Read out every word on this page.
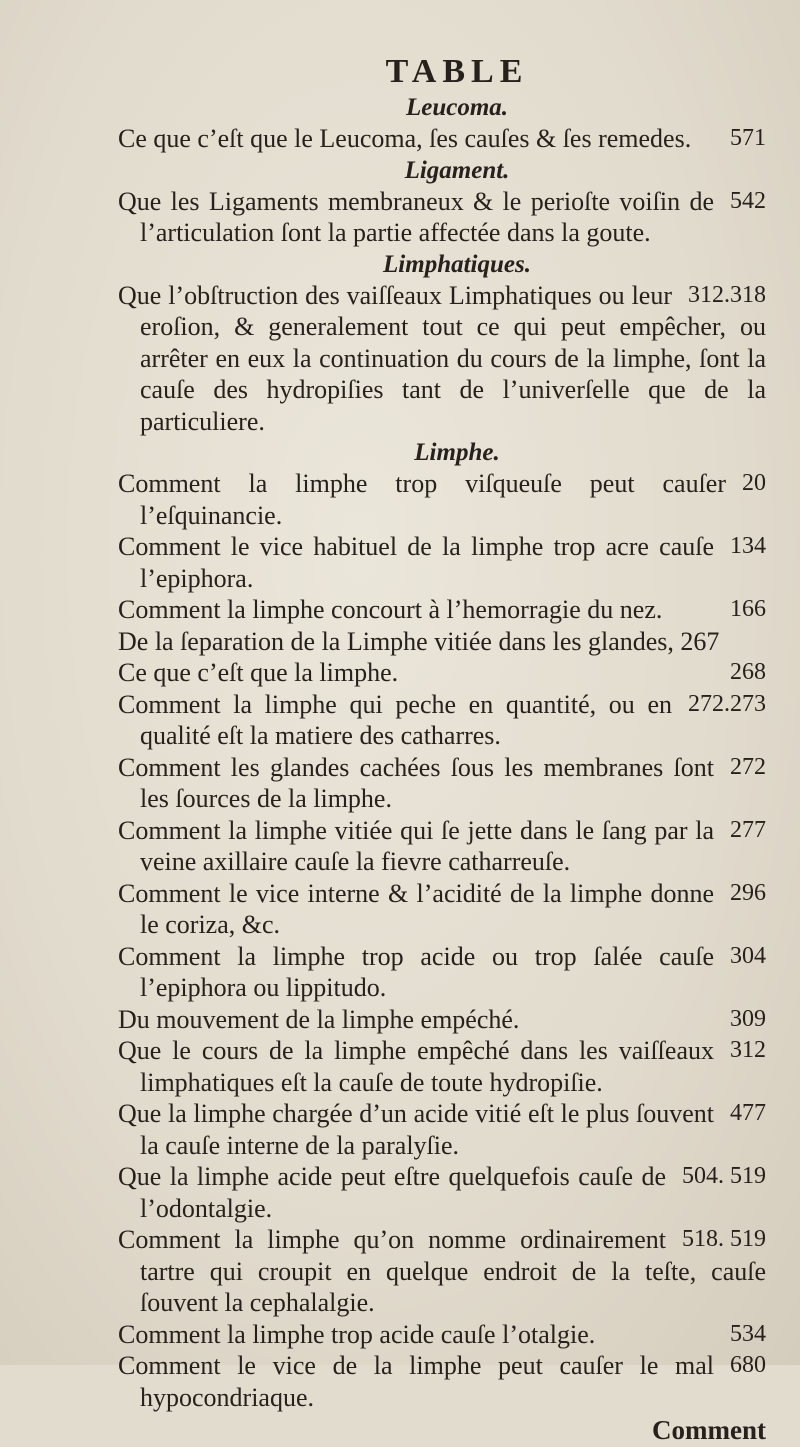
TABLE
Leucoma.
571
Ce que c’eſt que le Leucoma, ſes cauſes & ſes remedes.
Ligament.
542
Que les Ligaments membraneux & le perioſte voiſin de l’articulation ſont la partie affectée dans la goute.
Limphatiques.
312.318
Que l’obſtruction des vaiſſeaux Limphatiques ou leur eroſion, & generalement tout ce qui peut empêcher, ou arrêter en eux la continuation du cours de la limphe, ſont la cauſe des hydropiſies tant de l’univerſelle que de la particuliere.
Limphe.
20
Comment la limphe trop viſqueuſe peut cauſer l’eſquinancie.
134
Comment le vice habituel de la limphe trop acre cauſe l’epiphora.
166
Comment la limphe concourt à l’hemorragie du nez.
De la ſeparation de la Limphe vitiée dans les glandes, 267
268
Ce que c’eſt que la limphe.
272.273
Comment la limphe qui peche en quantité, ou en qualité eſt la matiere des catharres.
272
Comment les glandes cachées ſous les membranes ſont les ſources de la limphe.
277
Comment la limphe vitiée qui ſe jette dans le ſang par la veine axillaire cauſe la fievre catharreuſe.
296
Comment le vice interne & l’acidité de la limphe donne le coriza, &c.
304
Comment la limphe trop acide ou trop ſalée cauſe l’epiphora ou lippitudo.
309
Du mouvement de la limphe empéché.
312
Que le cours de la limphe empêché dans les vaiſſeaux limphatiques eſt la cauſe de toute hydropiſie.
477
Que la limphe chargée d’un acide vitié eſt le plus ſouvent la cauſe interne de la paralyſie.
504. 519
Que la limphe acide peut eſtre quelquefois cauſe de l’odontalgie.
518. 519
Comment la limphe qu’on nomme ordinairement tartre qui croupit en quelque endroit de la teſte, cauſe ſouvent la cephalalgie.
534
Comment la limphe trop acide cauſe l’otalgie.
680
Comment le vice de la limphe peut cauſer le mal hypocondriaque.
Comment
